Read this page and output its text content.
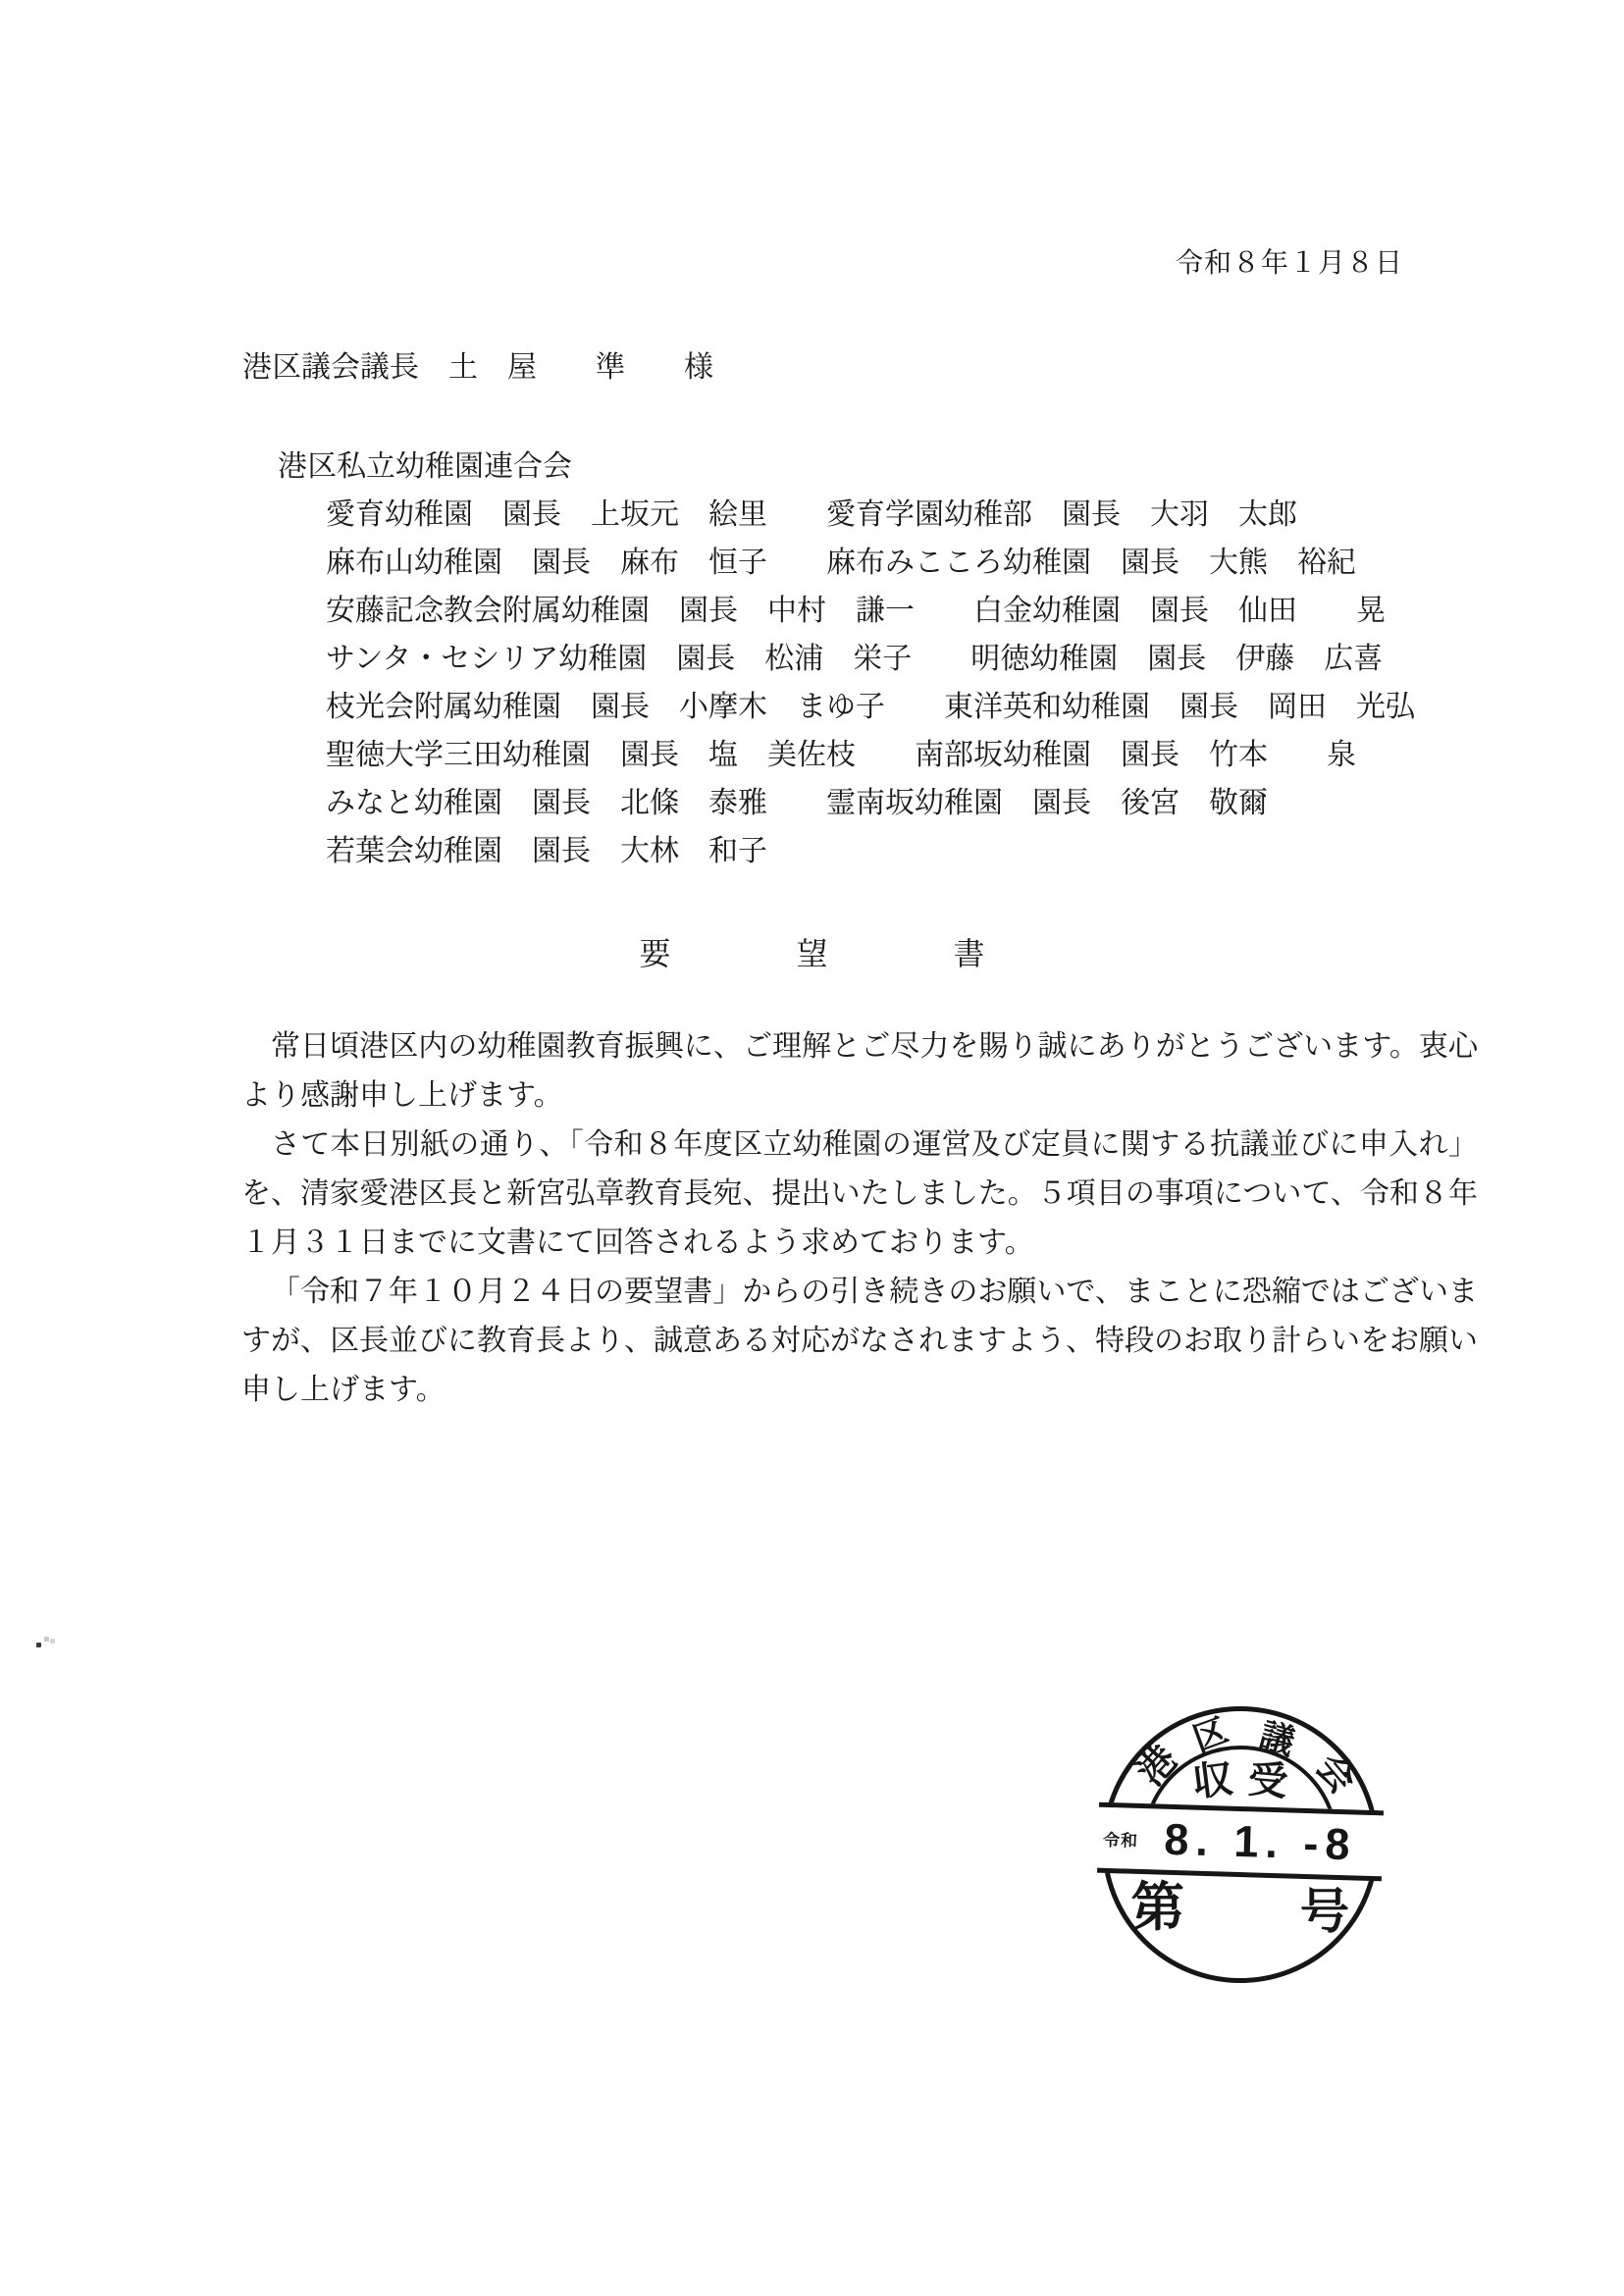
令和８年１月８日
港区議会議長　土　屋　　準　　様
港区私立幼稚園連合会
愛育幼稚園　園長　上坂元　絵里　　愛育学園幼稚部　園長　大羽　太郎
麻布山幼稚園　園長　麻布　恒子　　麻布みこころ幼稚園　園長　大熊　裕紀
安藤記念教会附属幼稚園　園長　中村　謙一　　白金幼稚園　園長　仙田　　晃
サンタ・セシリア幼稚園　園長　松浦　栄子　　明徳幼稚園　園長　伊藤　広喜
枝光会附属幼稚園　園長　小摩木　まゆ子　　東洋英和幼稚園　園長　岡田　光弘
聖徳大学三田幼稚園　園長　塩　美佐枝　　南部坂幼稚園　園長　竹本　　泉
みなと幼稚園　園長　北條　泰雅　　霊南坂幼稚園　園長　後宮　敬爾
若葉会幼稚園　園長　大林　和子
要　　　　望　　　　書

常日頃港区内の幼稚園教育振興に、ご理解とご尽力を賜り誠にありがとうございます。衷心より感謝申し上げます。

さて本日別紙の通り、「令和８年度区立幼稚園の運営及び定員に関する抗議並びに申入れ」を、清家愛港区長と新宮弘章教育長宛、提出いたしました。５項目の事項について、令和８年１月３１日までに文書にて回答されるよう求めております。

「令和７年１０月２４日の要望書」からの引き続きのお願いで、まことに恐縮ではございますが、区長並びに教育長より、誠意ある対応がなされますよう、特段のお取り計らいをお願い申し上げます。

港
区 議
会
収 受
令和 8. 1. -8
第 号
